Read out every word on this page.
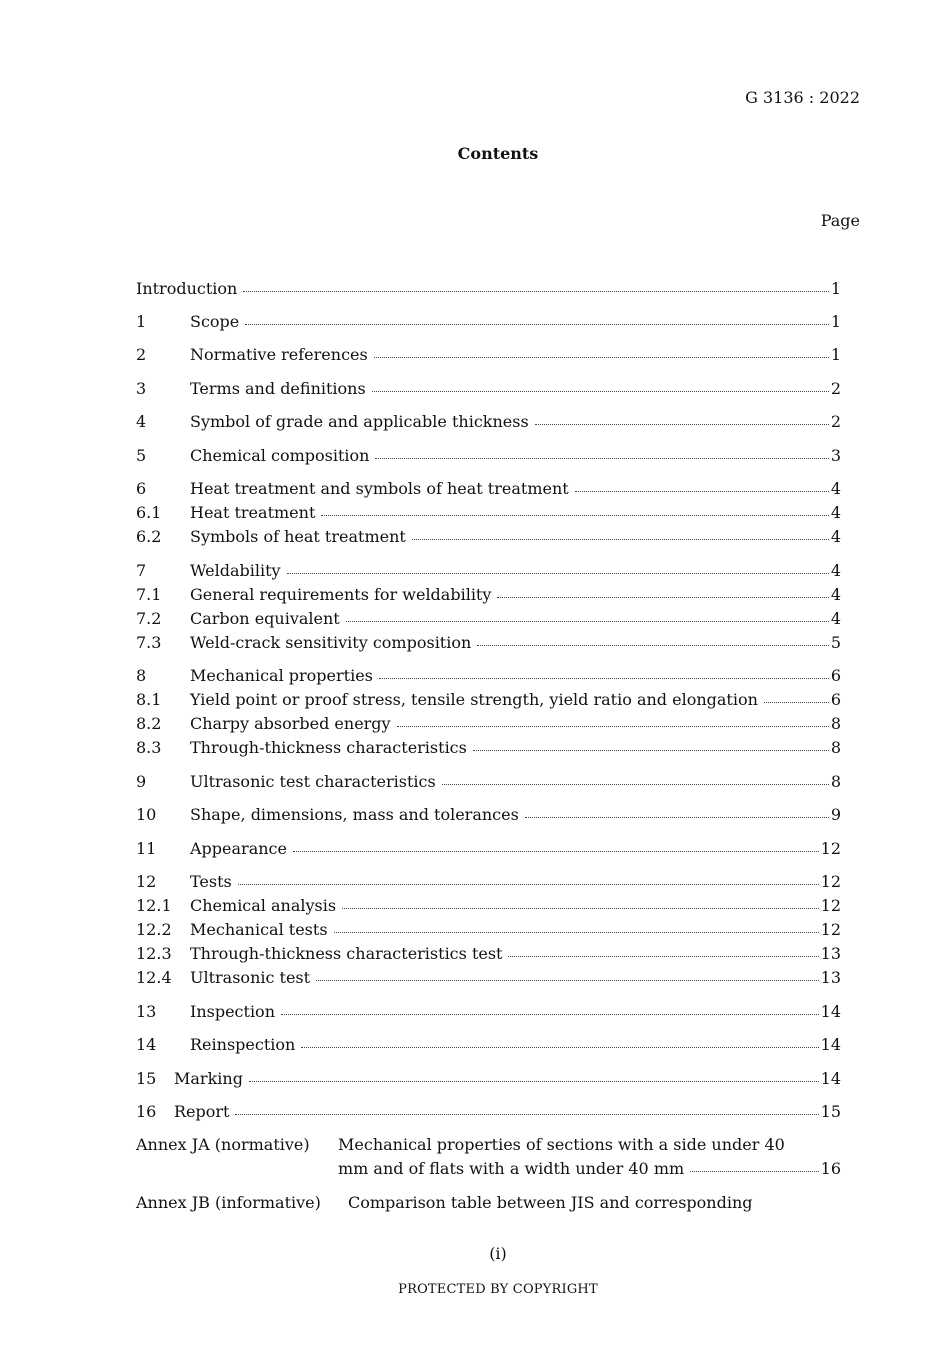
G 3136 : 2022
Contents
Page
Introduction	1
1	Scope	1
2	Normative references	1
3	Terms and definitions	2
4	Symbol of grade and applicable thickness	2
5	Chemical composition	3
6	Heat treatment and symbols of heat treatment	4
6.1	Heat treatment	4
6.2	Symbols of heat treatment	4
7	Weldability	4
7.1	General requirements for weldability	4
7.2	Carbon equivalent	4
7.3	Weld-crack sensitivity composition	5
8	Mechanical properties	6
8.1	Yield point or proof stress, tensile strength, yield ratio and elongation	6
8.2	Charpy absorbed energy	8
8.3	Through-thickness characteristics	8
9	Ultrasonic test characteristics	8
10	Shape, dimensions, mass and tolerances	9
11	Appearance	12
12	Tests	12
12.1	Chemical analysis	12
12.2	Mechanical tests	12
12.3	Through-thickness characteristics test	13
12.4	Ultrasonic test	13
13	Inspection	14
14	Reinspection	14
15	Marking	14
16	Report	15
Annex JA (normative) Mechanical properties of sections with a side under 40
mm and of flats with a width under 40 mm	16
Annex JB (informative) Comparison table between JIS and corresponding
(i)
PROTECTED BY COPYRIGHT
